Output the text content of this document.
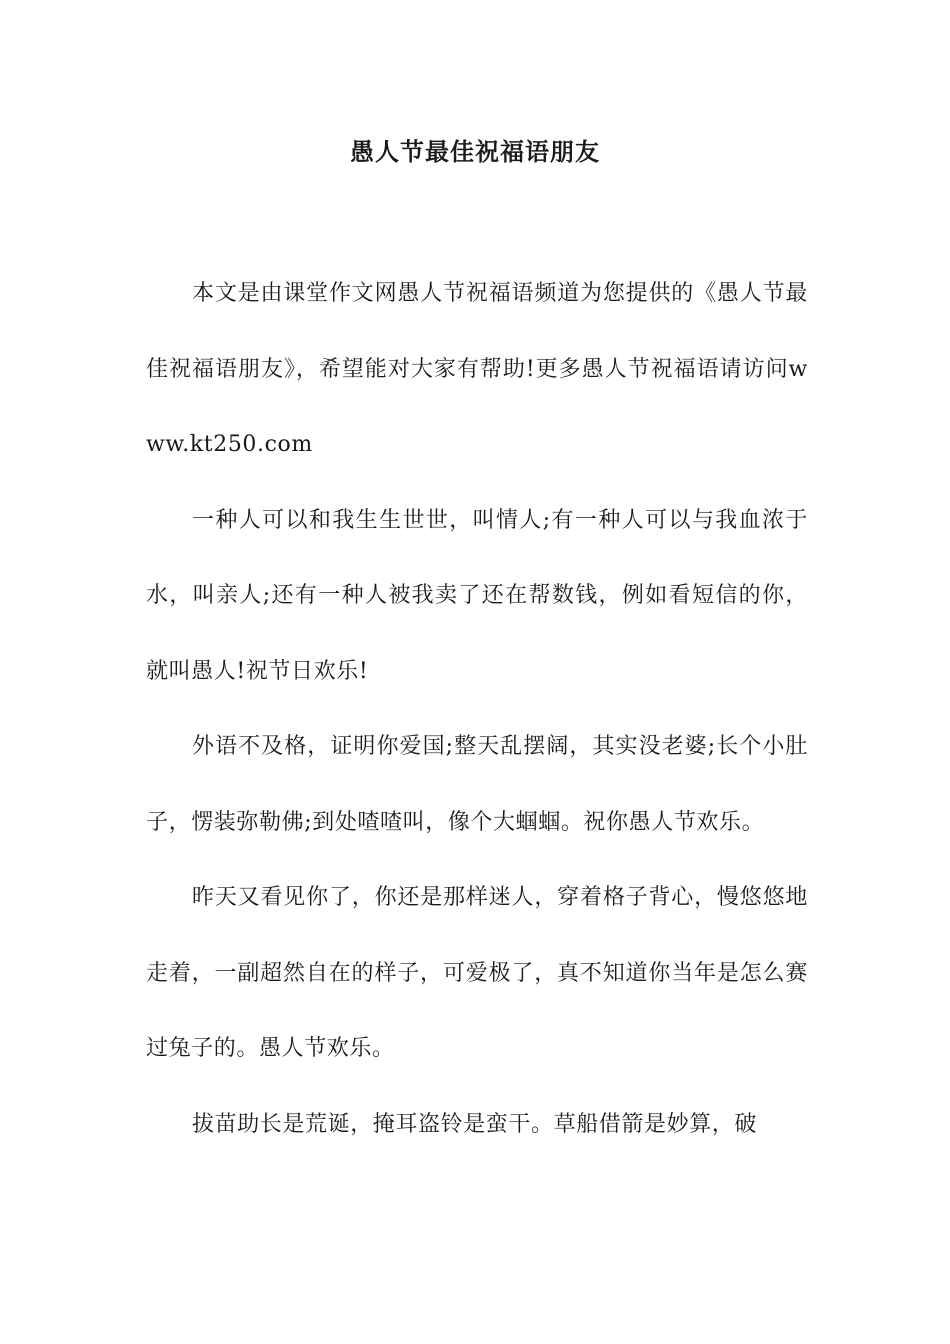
愚人节最佳祝福语朋友

本文是由课堂作文网愚人节祝福语频道为您提供的《愚人节最佳祝福语朋友》，希望能对大家有帮助!更多愚人节祝福语请访问www.kt250.com

一种人可以和我生生世世，叫情人;有一种人可以与我血浓于水，叫亲人;还有一种人被我卖了还在帮数钱，例如看短信的你，就叫愚人!祝节日欢乐!

外语不及格，证明你爱国;整天乱摆阔，其实没老婆;长个小肚子，愣装弥勒佛;到处喳喳叫，像个大蝈蝈。祝你愚人节欢乐。

昨天又看见你了，你还是那样迷人，穿着格子背心，慢悠悠地走着，一副超然自在的样子，可爱极了，真不知道你当年是怎么赛过兔子的。愚人节欢乐。

拔苗助长是荒诞，掩耳盗铃是蛮干。草船借箭是妙算，破
